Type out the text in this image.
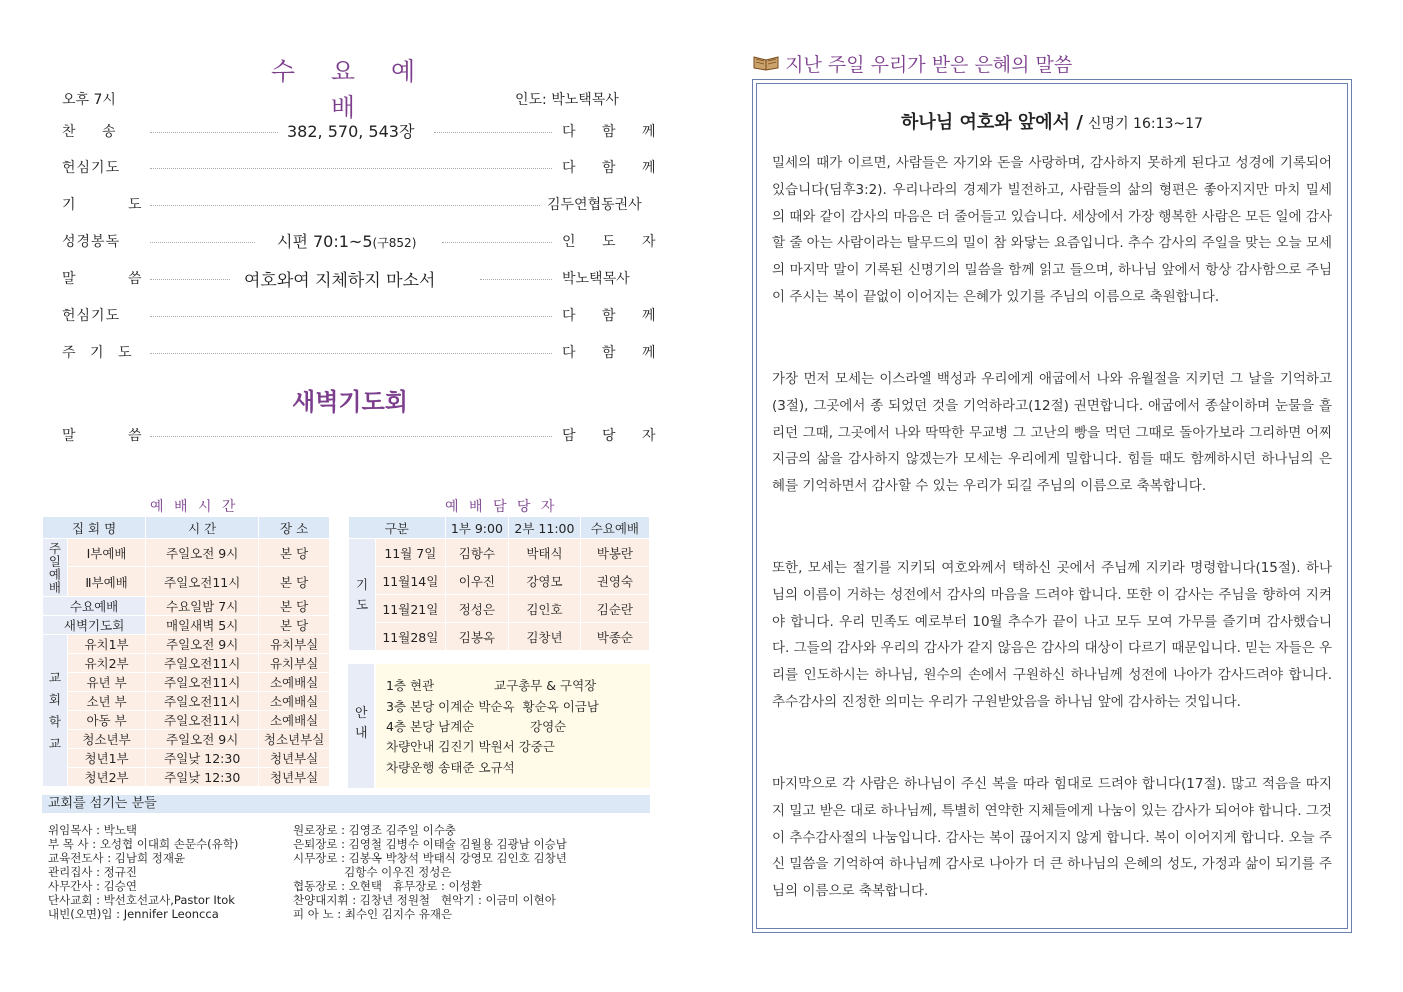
수 요 예 배
오후 7시	인도: 박노택목사
찬 송	382, 570, 543장	다 함 께
헌심기도	다 함 께
기 도	김두연협동권사
성경봉독	시편 70:1~5(구852)	인 도 자
말 씀	여호와여 지체하지 마소서	박노택목사
헌심기도	다 함 께
주 기 도	다 함 께
새벽기도회
말 씀	담 당 자
예 배 시 간
집 회 명		시 간	장 소
주일예배	Ⅰ부예배	주일오전 9시	본 당
	Ⅱ부예배	주일오전11시	본 당
수요예배		수요일밤 7시	본 당
새벽기도회		매일새벽 5시	본 당
교회학교	유치1부	주일오전 9시	유치부실
	유치2부	주일오전11시	유치부실
	유년 부	주일오전11시	소예배실
	소년 부	주일오전11시	소예배실
	아동 부	주일오전11시	소예배실
	청소년부	주일오전 9시	청소년부실
	청년1부	주일낮 12:30	청년부실
	청년2부	주일낮 12:30	청년부실
예 배 담 당 자
구분		1부 9:00	2부 11:00	수요예배
기도	11월 7일	김항수	박태식	박봉란
	11월14일	이우진	강영모	권영숙
	11월21일	정성은	김인호	김순란
	11월28일	김봉옥	김창년	박종순
안내
1층 현관	교구총무 & 구역장
3층 본당 이계순 박순옥  황순옥 이금남
4층 본당 남계순              강영순
차량안내 김진기 박원서 강중근
차량운행 송태준 오규석
교회를 섬기는 분들
위임목사 : 박노택
부 목 사 : 오성협 이대희 손문수(유학)
교육전도사 : 김남희 정재윤
관리집사 : 정규진
사무간사 : 김승연
단사교회 : 박선호선교사,Pastor Itok
내빈(오면)입 : Jennifer Leoncca
원로장로 : 김영조 김주일 이수충
은퇴장로 : 김영철 김병수 이태술 김월용 김광남 이승남
시무장로 : 김봉옥 박창석 박태식 강영모 김인호 김창년
김항수 이우진 정성은
협동장로 : 오현택   휴무장로 : 이성환
찬양대지휘 : 김창년 정원철   현악기 : 이금미 이현아
피 아 노 : 최수인 김지수 유재은
지난 주일 우리가 받은 은혜의 말씀
하나님 여호와 앞에서 / 신명기 16:13~17
밀세의 때가 이르면, 사람들은 자기와 돈을 사랑하며, 감사하지 못하게 된다고 성경에 기록되어 있습니다(딤후3:2). 우리나라의 경제가 빌전하고, 사람들의 삶의 형편은 좋아지지만 마치 밀세의 때와 같이 감사의 마음은 더 줄어들고 있습니다. 세상에서 가장 행복한 사람은 모든 일에 감사할 줄 아는 사람이라는 탈무드의 밀이 참 와닿는 요즘입니다. 추수 감사의 주일을 맞는 오늘 모세의 마지막 말이 기록된 신명기의 밀씀을 함께 읽고 들으며, 하나님 앞에서 항상 감사함으로 주님이 주시는 복이 끝없이 이어지는 은혜가 있기를 주님의 이름으로 축원합니다.
가장 먼저 모세는 이스라엘 백성과 우리에게 애굽에서 나와 유월절을 지키던 그 날을 기억하고(3절), 그곳에서 종 되었던 것을 기억하라고(12절) 권면합니다. 애굽에서 종살이하며 눈물을 흘리던 그때, 그곳에서 나와 딱딱한 무교병 그 고난의 빵을 먹던 그때로 돌아가보라 그리하면 어찌 지금의 삶을 감사하지 않겠는가 모세는 우리에게 밀합니다. 힘들 때도 함께하시던 하나님의 은혜를 기억하면서 감사할 수 있는 우리가 되길 주님의 이름으로 축복합니다.
또한, 모세는 절기를 지키되 여호와께서 택하신 곳에서 주님께 지키라 명령합니다(15절). 하나님의 이름이 거하는 성전에서 감사의 마음을 드려야 합니다. 또한 이 감사는 주님을 향하여 지켜야 합니다. 우리 민족도 예로부터 10월 추수가 끝이 나고 모두 모여 가무를 즐기며 감사했습니다. 그들의 감사와 우리의 감사가 같지 않음은 감사의 대상이 다르기 때문입니다. 믿는 자들은 우리를 인도하시는 하나님, 원수의 손에서 구원하신 하나님께 성전에 나아가 감사드려야 합니다. 추수감사의 진정한 의미는 우리가 구원받았음을 하나님 앞에 감사하는 것입니다.
마지막으로 각 사람은 하나님이 주신 복을 따라 힘대로 드려야 합니다(17절). 많고 적음을 따지지 밀고 받은 대로 하나님께, 특별히 연약한 지체들에게 나눔이 있는 감사가 되어야 합니다. 그것이 추수감사절의 나눔입니다. 감사는 복이 끊어지지 않게 합니다. 복이 이어지게 합니다. 오늘 주신 밀씀을 기억하여 하나님께 감사로 나아가 더 큰 하나님의 은혜의 성도, 가정과 삶이 되기를 주님의 이름으로 축복합니다.
